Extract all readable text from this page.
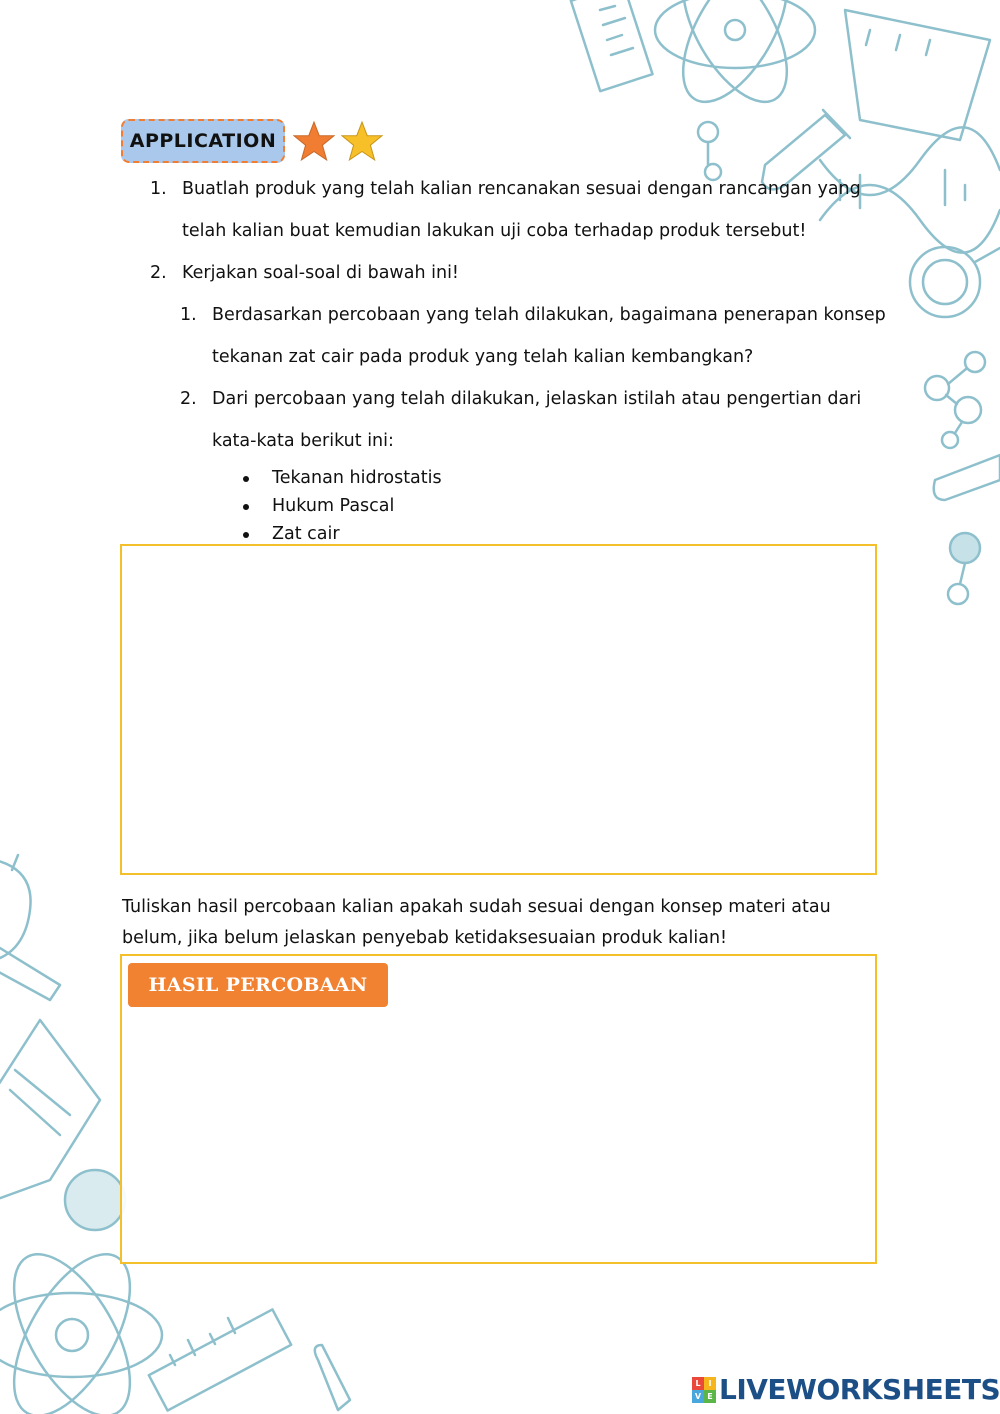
APPLICATION
1. Buatlah produk yang telah kalian rencanakan sesuai dengan rancangan yang telah kalian buat kemudian lakukan uji coba terhadap produk tersebut!
2. Kerjakan soal-soal di bawah ini!
1. Berdasarkan percobaan yang telah dilakukan, bagaimana penerapan konsep tekanan zat cair pada produk yang telah kalian kembangkan?
2. Dari percobaan yang telah dilakukan, jelaskan istilah atau pengertian dari kata-kata berikut ini:
Tekanan hidrostatis
Hukum Pascal
Zat cair
Tuliskan hasil percobaan kalian apakah sudah sesuai dengan konsep materi atau belum, jika belum jelaskan penyebab ketidaksesuaian produk kalian!
HASIL PERCOBAAN
L I
V E LIVEWORKSHEETS
